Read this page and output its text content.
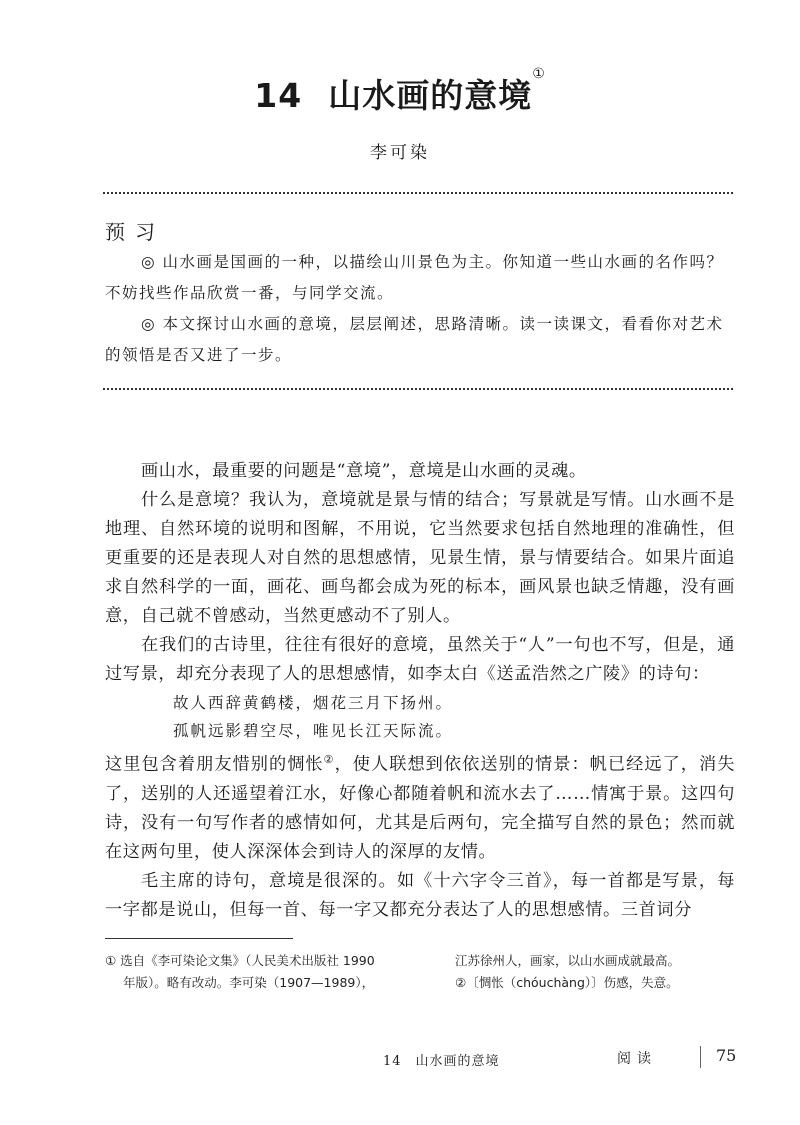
14 山水画的意境①
李可染
预习

◎ 山水画是国画的一种，以描绘山川景色为主。你知道一些山水画的名作吗？不妨找些作品欣赏一番，与同学交流。

◎ 本文探讨山水画的意境，层层阐述，思路清晰。读一读课文，看看你对艺术的领悟是否又进了一步。

画山水，最重要的问题是“意境”，意境是山水画的灵魂。

什么是意境？我认为，意境就是景与情的结合；写景就是写情。山水画不是地理、自然环境的说明和图解，不用说，它当然要求包括自然地理的准确性，但更重要的还是表现人对自然的思想感情，见景生情，景与情要结合。如果片面追求自然科学的一面，画花、画鸟都会成为死的标本，画风景也缺乏情趣，没有画意，自己就不曾感动，当然更感动不了别人。

在我们的古诗里，往往有很好的意境，虽然关于“人”一句也不写，但是，通过写景，却充分表现了人的思想感情，如李太白《送孟浩然之广陵》的诗句：

故人西辞黄鹤楼，烟花三月下扬州。

孤帆远影碧空尽，唯见长江天际流。

这里包含着朋友惜别的惆怅②，使人联想到依依送别的情景：帆已经远了，消失了，送别的人还遥望着江水，好像心都随着帆和流水去了……情寓于景。这四句诗，没有一句写作者的感情如何，尤其是后两句，完全描写自然的景色；然而就在这两句里，使人深深体会到诗人的深厚的友情。

毛主席的诗句，意境是很深的。如《十六字令三首》，每一首都是写景，每一字都是说山，但每一首、每一字又都充分表达了人的思想感情。三首词分

① 选自《李可染论文集》（人民美术出版社 1990

年版）。略有改动。李可染（1907—1989），

江苏徐州人，画家，以山水画成就最高。

②〔惆怅（chóuchàng）〕伤感，失意。

14　山水画的意境	阅读	75
